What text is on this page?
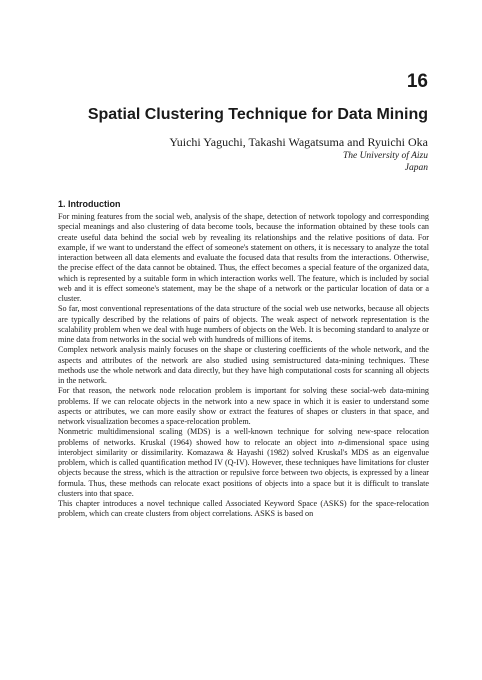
16
Spatial Clustering Technique for Data Mining
Yuichi Yaguchi, Takashi Wagatsuma and Ryuichi Oka
The University of Aizu
Japan
1. Introduction

For mining features from the social web, analysis of the shape, detection of network topology and corresponding special meanings and also clustering of data become tools, because the information obtained by these tools can create useful data behind the social web by revealing its relationships and the relative positions of data. For example, if we want to understand the effect of someone's statement on others, it is necessary to analyze the total interaction between all data elements and evaluate the focused data that results from the interactions. Otherwise, the precise effect of the data cannot be obtained. Thus, the effect becomes a special feature of the organized data, which is represented by a suitable form in which interaction works well. The feature, which is included by social web and it is effect someone's statement, may be the shape of a network or the particular location of data or a cluster.

So far, most conventional representations of the data structure of the social web use networks, because all objects are typically described by the relations of pairs of objects. The weak aspect of network representation is the scalability problem when we deal with huge numbers of objects on the Web. It is becoming standard to analyze or mine data from networks in the social web with hundreds of millions of items.

Complex network analysis mainly focuses on the shape or clustering coefficients of the whole network, and the aspects and attributes of the network are also studied using semistructured data-mining techniques. These methods use the whole network and data directly, but they have high computational costs for scanning all objects in the network.

For that reason, the network node relocation problem is important for solving these social-web data-mining problems. If we can relocate objects in the network into a new space in which it is easier to understand some aspects or attributes, we can more easily show or extract the features of shapes or clusters in that space, and network visualization becomes a space-relocation problem.

Nonmetric multidimensional scaling (MDS) is a well-known technique for solving new-space relocation problems of networks. Kruskal (1964) showed how to relocate an object into n-dimensional space using interobject similarity or dissimilarity. Komazawa & Hayashi (1982) solved Kruskal's MDS as an eigenvalue problem, which is called quantification method IV (Q-IV). However, these techniques have limitations for cluster objects because the stress, which is the attraction or repulsive force between two objects, is expressed by a linear formula. Thus, these methods can relocate exact positions of objects into a space but it is difficult to translate clusters into that space.

This chapter introduces a novel technique called Associated Keyword Space (ASKS) for the space-relocation problem, which can create clusters from object correlations. ASKS is based on
